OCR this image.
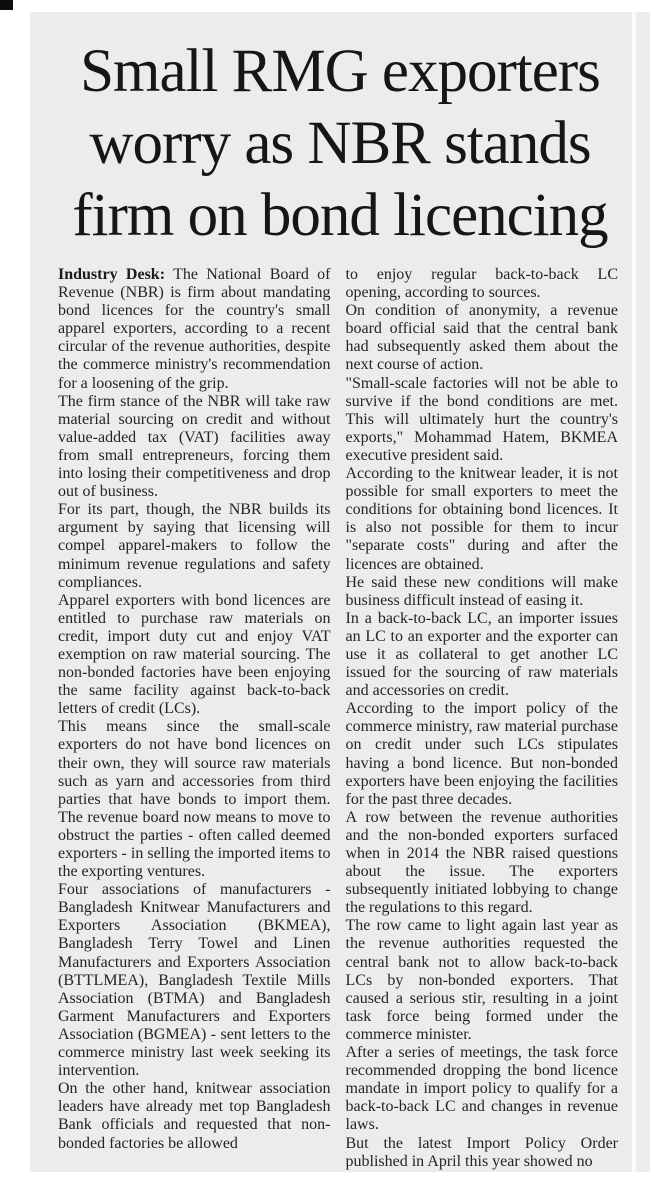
Small RMG exporters
worry as NBR stands
firm on bond licencing

Industry Desk: The National Board of Revenue (NBR) is firm about mandating bond licences for the country's small apparel exporters, according to a recent circular of the revenue authorities, despite the commerce ministry's recommendation for a loosening of the grip.

The firm stance of the NBR will take raw material sourcing on credit and without value-added tax (VAT) facilities away from small entrepreneurs, forcing them into losing their competitiveness and drop out of business.

For its part, though, the NBR builds its argument by saying that licensing will compel apparel-makers to follow the minimum revenue regulations and safety compliances.

Apparel exporters with bond licences are entitled to purchase raw materials on credit, import duty cut and enjoy VAT exemption on raw material sourcing. The non-bonded factories have been enjoying the same facility against back-to-back letters of credit (LCs).

This means since the small-scale exporters do not have bond licences on their own, they will source raw materials such as yarn and accessories from third parties that have bonds to import them. The revenue board now means to move to obstruct the parties - often called deemed exporters - in selling the imported items to the exporting ventures.

Four associations of manufacturers - Bangladesh Knitwear Manufacturers and Exporters Association (BKMEA), Bangladesh Terry Towel and Linen Manufacturers and Exporters Association (BTTLMEA), Bangladesh Textile Mills Association (BTMA) and Bangladesh Garment Manufacturers and Exporters Association (BGMEA) - sent letters to the commerce ministry last week seeking its intervention.

On the other hand, knitwear association leaders have already met top Bangladesh Bank officials and requested that non-bonded factories be allowed

to enjoy regular back-to-back LC opening, according to sources.

On condition of anonymity, a revenue board official said that the central bank had subsequently asked them about the next course of action.

"Small-scale factories will not be able to survive if the bond conditions are met. This will ultimately hurt the country's exports," Mohammad Hatem, BKMEA executive president said.

According to the knitwear leader, it is not possible for small exporters to meet the conditions for obtaining bond licences. It is also not possible for them to incur "separate costs" during and after the licences are obtained.

He said these new conditions will make business difficult instead of easing it.

In a back-to-back LC, an importer issues an LC to an exporter and the exporter can use it as collateral to get another LC issued for the sourcing of raw materials and accessories on credit.

According to the import policy of the commerce ministry, raw material purchase on credit under such LCs stipulates having a bond licence. But non-bonded exporters have been enjoying the facilities for the past three decades.

A row between the revenue authorities and the non-bonded exporters surfaced when in 2014 the NBR raised questions about the issue. The exporters subsequently initiated lobbying to change the regulations to this regard.

The row came to light again last year as the revenue authorities requested the central bank not to allow back-to-back LCs by non-bonded exporters. That caused a serious stir, resulting in a joint task force being formed under the commerce minister.

After a series of meetings, the task force recommended dropping the bond licence mandate in import policy to qualify for a back-to-back LC and changes in revenue laws.

But the latest Import Policy Order published in April this year showed no
